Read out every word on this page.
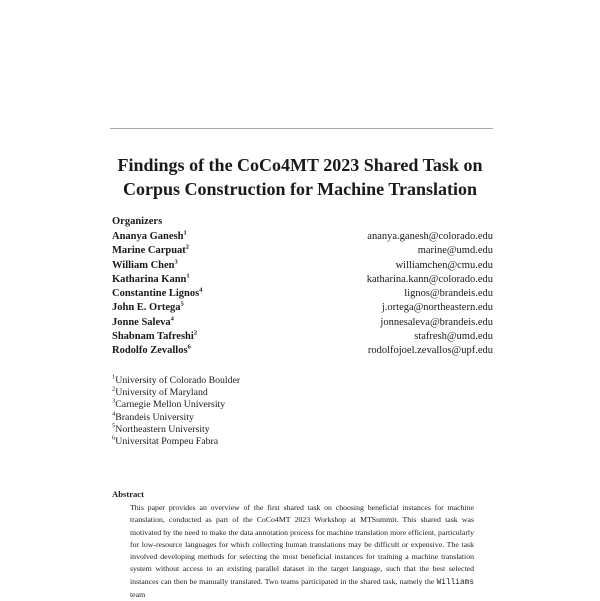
Findings of the CoCo4MT 2023 Shared Task on
Corpus Construction for Machine Translation
Organizers
Ananya Ganesh$^1$	ananya.ganesh@colorado.edu
Marine Carpuat$^2$	marine@umd.edu
William Chen$^3$	williamchen@cmu.edu
Katharina Kann$^1$	katharina.kann@colorado.edu
Constantine Lignos$^4$	lignos@brandeis.edu
John E. Ortega$^5$	j.ortega@northeastern.edu
Jonne Saleva$^4$	jonnesaleva@brandeis.edu
Shabnam Tafreshi$^2$	stafresh@umd.edu
Rodolfo Zevallos$^6$	rodolfojoel.zevallos@upf.edu
$^1$University of Colorado Boulder
$^2$University of Maryland
$^3$Carnegie Mellon University
$^4$Brandeis University
$^5$Northeastern University
$^6$Universitat Pompeu Fabra
Abstract

This paper provides an overview of the first shared task on choosing beneficial instances for machine translation, conducted as part of the CoCo4MT 2023 Workshop at MTSummit. This shared task was motivated by the need to make the data annotation process for machine translation more efficient, particularly for low-resource languages for which collecting human translations may be difficult or expensive. The task involved developing methods for selecting the most beneficial instances for training a machine translation system without access to an existing parallel dataset in the target language, such that the best selected instances can then be manually translated. Two teams participated in the shared task, namely the Williams team
